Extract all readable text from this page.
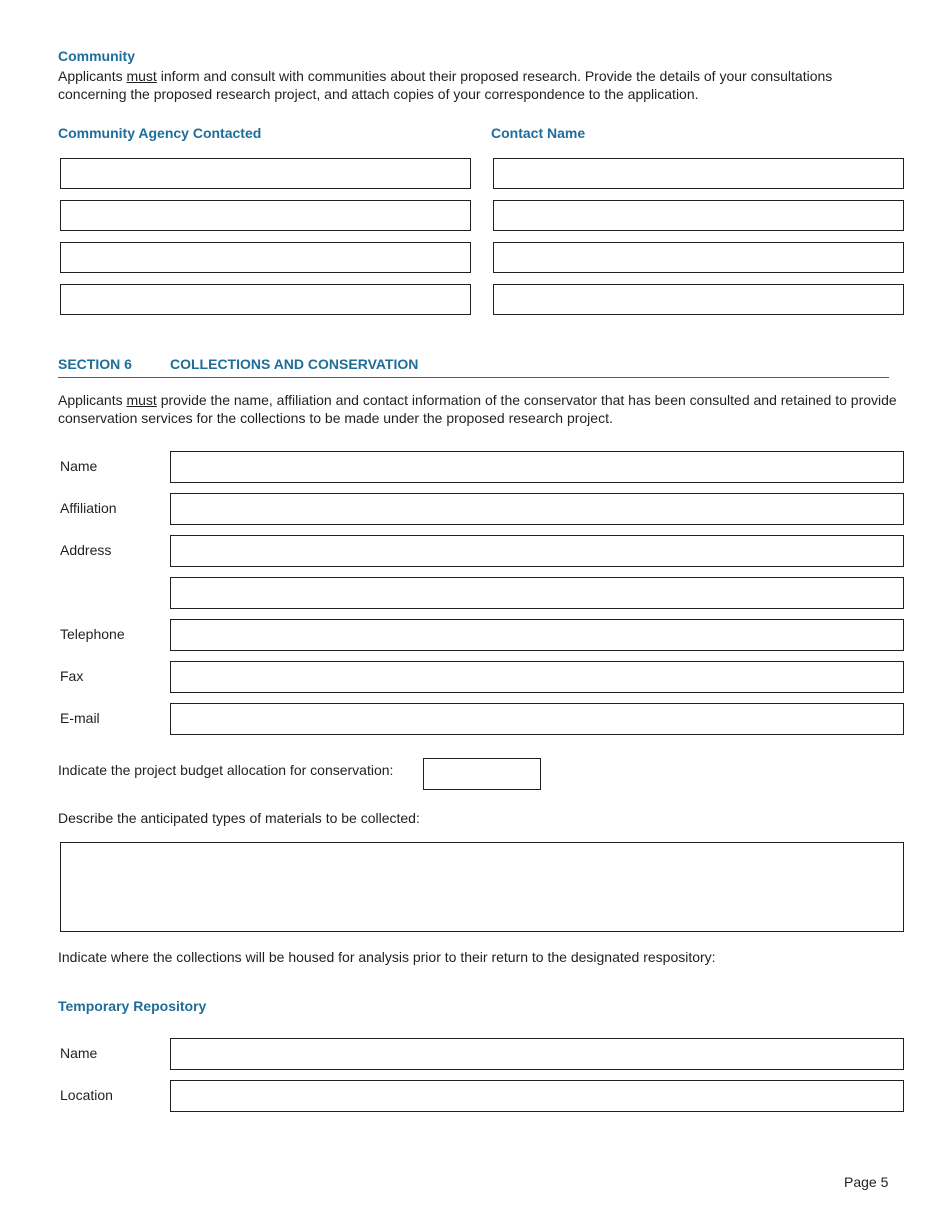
Community

Applicants must inform and consult with communities about their proposed research. Provide the details of your consultations concerning the proposed research project, and attach copies of your correspondence to the application.

Community Agency Contacted	Contact Name
SECTION 6	COLLECTIONS AND CONSERVATION

Applicants must provide the name, affiliation and contact information of the conservator that has been consulted and retained to provide conservation services for the collections to be made under the proposed research project.

Name
Affiliation
Address
Telephone
Fax
E-mail
Indicate the project budget allocation for conservation:
Describe the anticipated types of materials to be collected:
Indicate where the collections will be housed for analysis prior to their return to the designated respository:
Temporary Repository
Name
Location
Page 5
